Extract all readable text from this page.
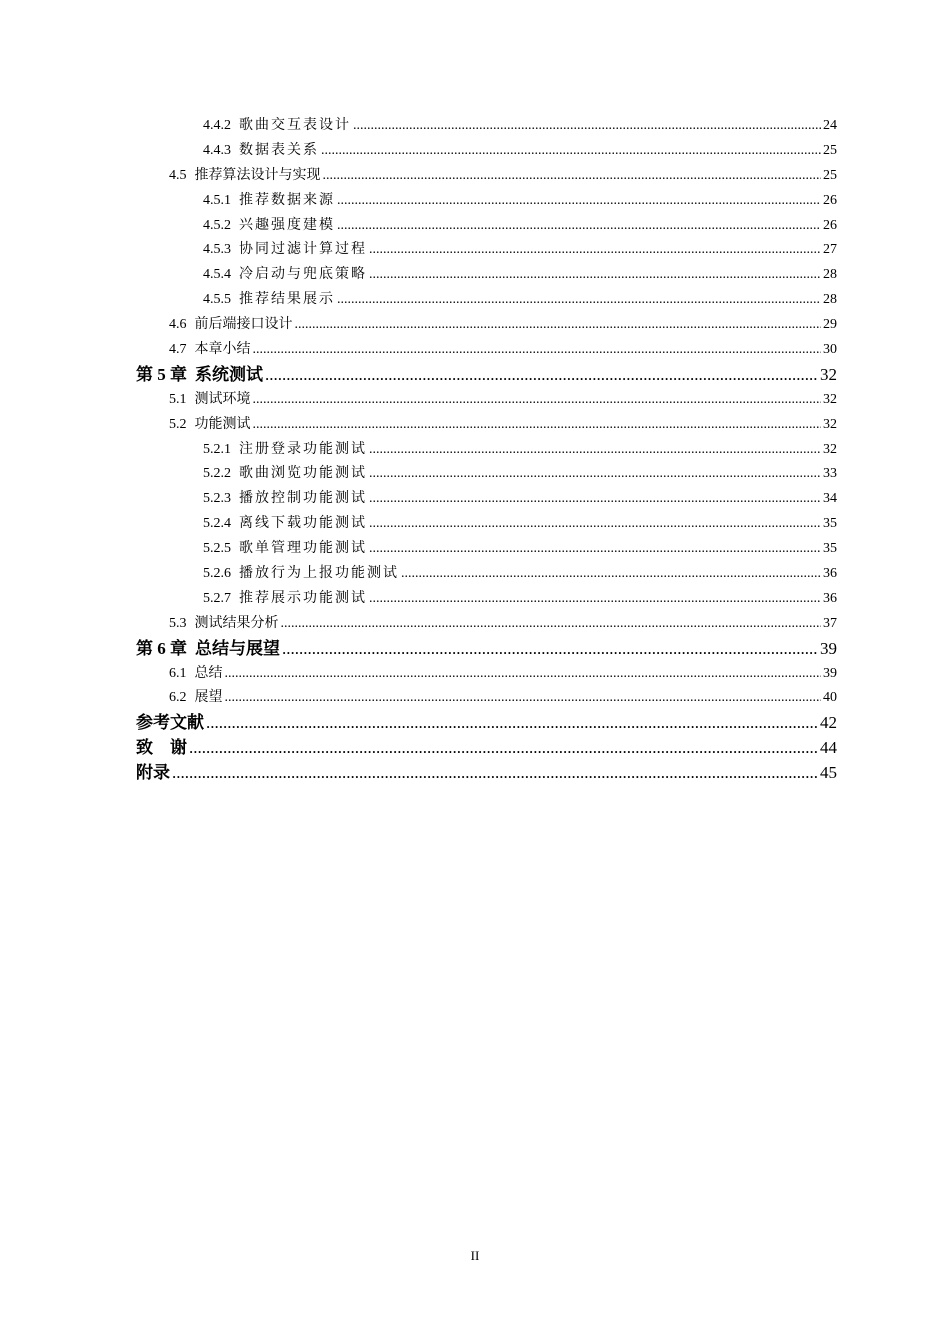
4.4.2 歌曲交互表设计 .....	24
4.4.3 数据表关系 .....	25
4.5 推荐算法设计与实现 .....	25
4.5.1 推荐数据来源 .....	26
4.5.2 兴趣强度建模 .....	26
4.5.3 协同过滤计算过程 .....	27
4.5.4 冷启动与兜底策略 .....	28
4.5.5 推荐结果展示 .....	28
4.6 前后端接口设计 .....	29
4.7 本章小结 .....	30
第 5 章 系统测试 .....	32
5.1 测试环境 .....	32
5.2 功能测试 .....	32
5.2.1 注册登录功能测试 .....	32
5.2.2 歌曲浏览功能测试 .....	33
5.2.3 播放控制功能测试 .....	34
5.2.4 离线下载功能测试 .....	35
5.2.5 歌单管理功能测试 .....	35
5.2.6 播放行为上报功能测试 .....	36
5.2.7 推荐展示功能测试 .....	36
5.3 测试结果分析 .....	37
第 6 章 总结与展望 .....	39
6.1 总结 .....	39
6.2 展望 .....	40
参考文献 .....	42
致　谢 .....	44
附录 .....	45
II
